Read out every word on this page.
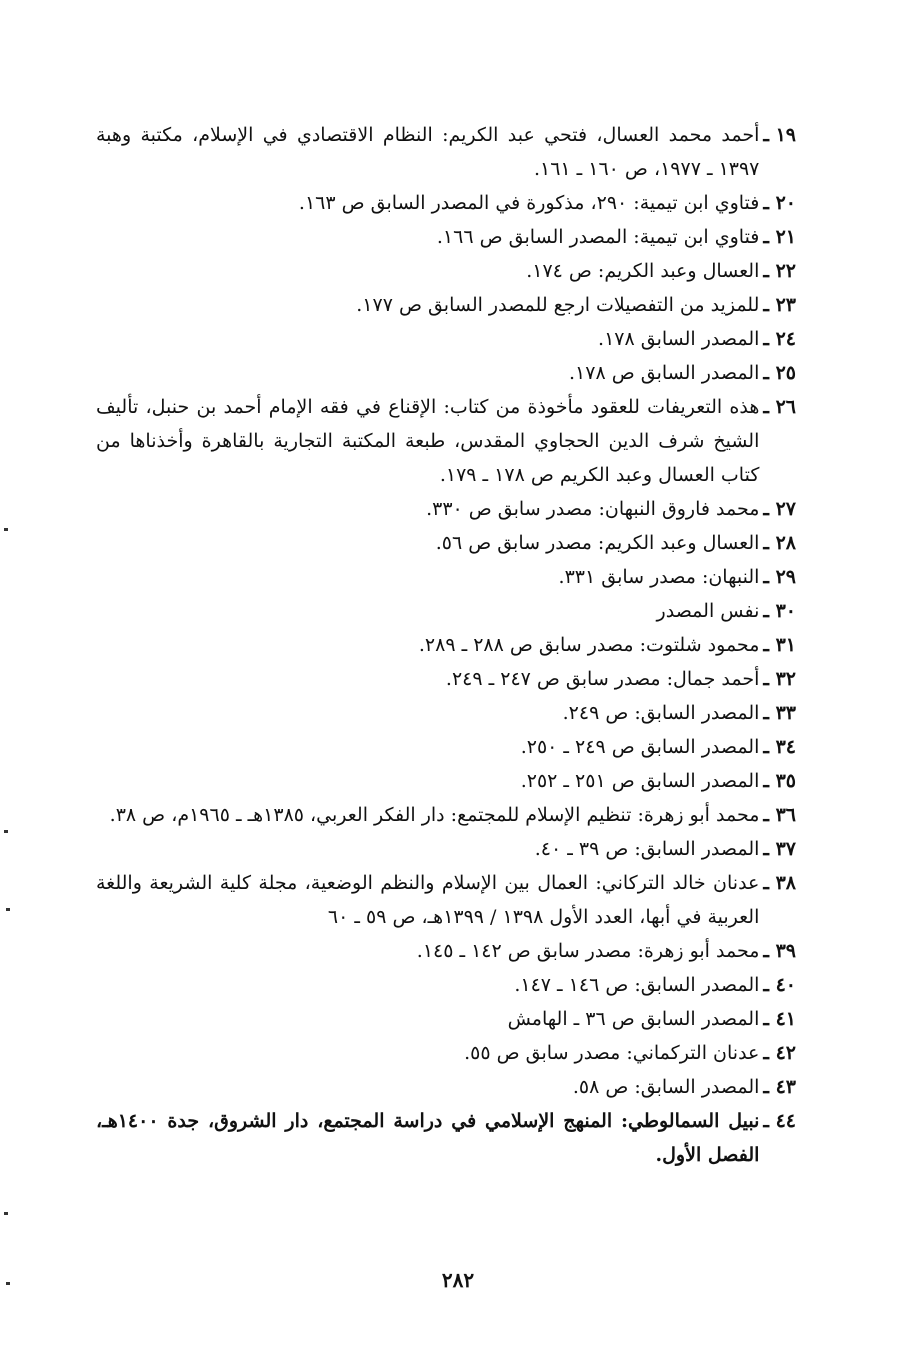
١٩ ـ
أحمد محمد العسال، فتحي عبد الكريم: النظام الاقتصادي في الإسلام، مكتبة وهبة ١٣٩٧ ـ ١٩٧٧، ص ١٦٠ ـ ١٦١.
٢٠ ـ
فتاوي ابن تيمية: ٢٩٠، مذكورة في المصدر السابق ص ١٦٣.
٢١ ـ
فتاوي ابن تيمية: المصدر السابق ص ١٦٦.
٢٢ ـ
العسال وعبد الكريم: ص ١٧٤.
٢٣ ـ
للمزيد من التفصيلات ارجع للمصدر السابق ص ١٧٧.
٢٤ ـ
المصدر السابق ١٧٨.
٢٥ ـ
المصدر السابق ص ١٧٨.
٢٦ ـ
هذه التعريفات للعقود مأخوذة من كتاب: الإقناع في فقه الإمام أحمد بن حنبل، تأليف الشيخ شرف الدين الحجاوي المقدس، طبعة المكتبة التجارية بالقاهرة وأخذناها من كتاب العسال وعبد الكريم ص ١٧٨ ـ ١٧٩.
٢٧ ـ
محمد فاروق النبهان: مصدر سابق ص ٣٣٠.
٢٨ ـ
العسال وعبد الكريم: مصدر سابق ص ٥٦.
٢٩ ـ
النبهان: مصدر سابق ٣٣١.
٣٠ ـ
نفس المصدر
٣١ ـ
محمود شلتوت: مصدر سابق ص ٢٨٨ ـ ٢٨٩.
٣٢ ـ
أحمد جمال: مصدر سابق ص ٢٤٧ ـ ٢٤٩.
٣٣ ـ
المصدر السابق: ص ٢٤٩.
٣٤ ـ
المصدر السابق ص ٢٤٩ ـ ٢٥٠.
٣٥ ـ
المصدر السابق ص ٢٥١ ـ ٢٥٢.
٣٦ ـ
محمد أبو زهرة: تنظيم الإسلام للمجتمع: دار الفكر العربي، ١٣٨٥هـ ـ ١٩٦٥م، ص ٣٨.
٣٧ ـ
المصدر السابق: ص ٣٩ ـ ٤٠.
٣٨ ـ
عدنان خالد التركاني: العمال بين الإسلام والنظم الوضعية، مجلة كلية الشريعة واللغة العربية في أبها، العدد الأول ١٣٩٨ / ١٣٩٩هـ، ص ٥٩ ـ ٦٠
٣٩ ـ
محمد أبو زهرة: مصدر سابق ص ١٤٢ ـ ١٤٥.
٤٠ ـ
المصدر السابق: ص ١٤٦ ـ ١٤٧.
٤١ ـ
المصدر السابق ص ٣٦ ـ الهامش
٤٢ ـ
عدنان التركماني: مصدر سابق ص ٥٥.
٤٣ ـ
المصدر السابق: ص ٥٨.
٤٤ ـ
نبيل السمالوطي: المنهج الإسلامي في دراسة المجتمع، دار الشروق، جدة ١٤٠٠هـ، الفصل الأول.
٢٨٢
